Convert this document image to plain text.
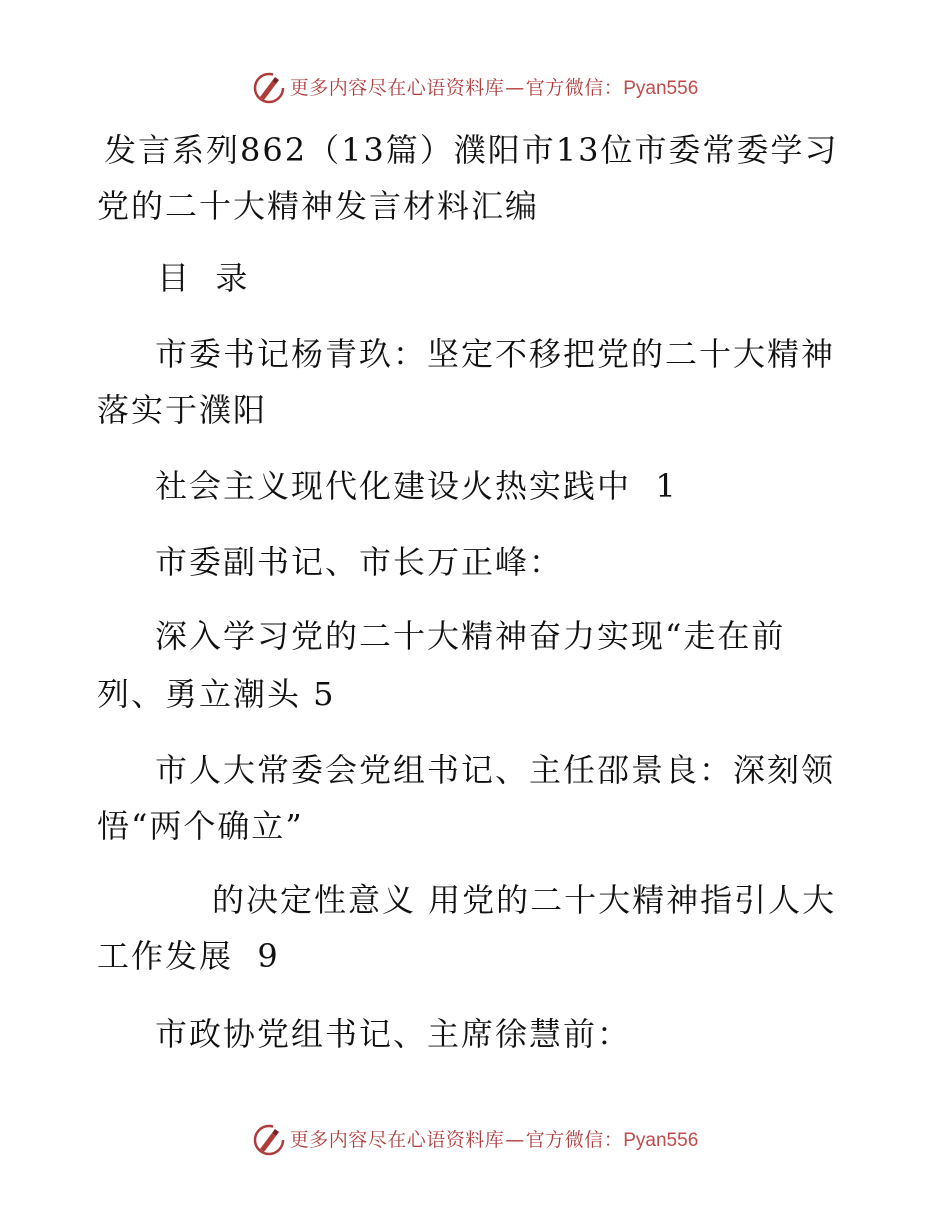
更多内容尽在心语资料库 — 官方微信： Pyan556
发言系列862（13篇）濮阳市13位市委常委学习
党的二十大精神发言材料汇编
目  录
市委书记杨青玖：坚定不移把党的二十大精神
落实于濮阳
社会主义现代化建设火热实践中  1
市委副书记、市长万正峰：
深入学习党的二十大精神奋力实现“走在前
列、勇立潮头 5
市人大常委会党组书记、主任邵景良：深刻领
悟“两个确立”
的决定性意义 用党的二十大精神指引人大
工作发展  9
市政协党组书记、主席徐慧前：
更多内容尽在心语资料库 — 官方微信： Pyan556
